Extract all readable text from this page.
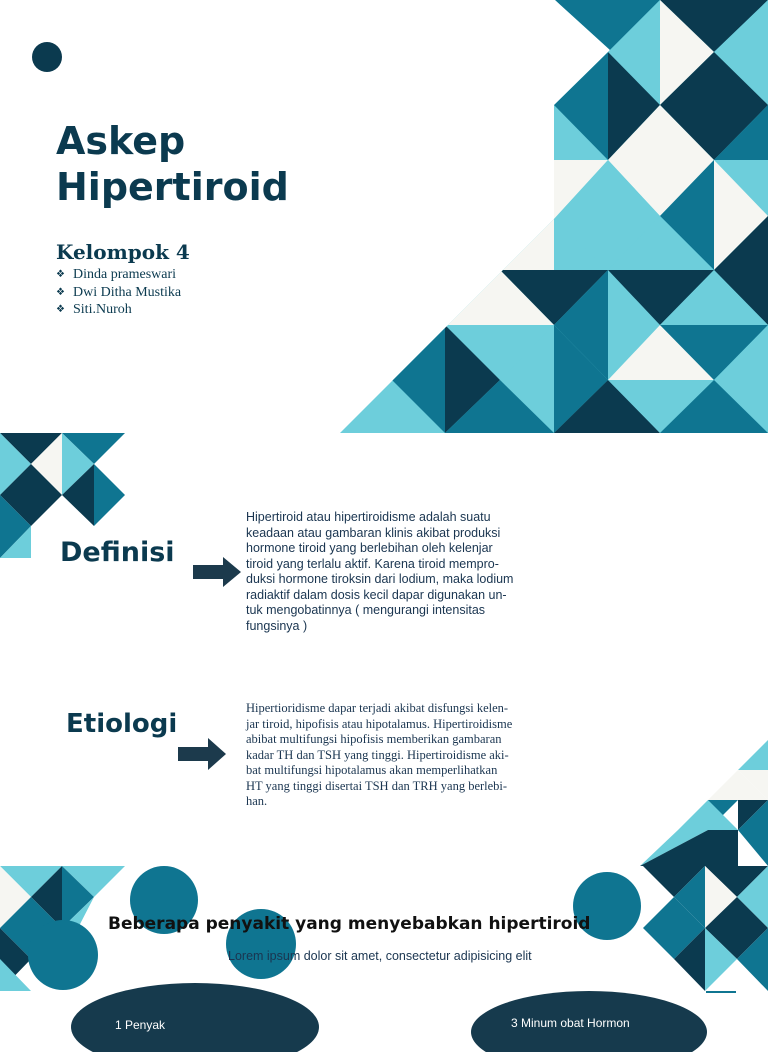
Askep
Hipertiroid
Kelompok 4
❖ Dinda prameswari
❖ Dwi Ditha Mustika
❖ Siti.Nuroh
Definisi

Hipertiroid atau hipertiroidisme adalah suatu

keadaan atau gambaran klinis akibat produksi

hormone tiroid yang berlebihan oleh kelenjar

tiroid yang terlalu aktif. Karena tiroid mempro-

duksi hormone tiroksin dari lodium, maka lodium

radiaktif dalam dosis kecil dapar digunakan un-

tuk mengobatinnya ( mengurangi intensitas

fungsinya )

Etiologi

Hipertioridisme dapar terjadi akibat disfungsi kelen-

jar tiroid, hipofisis atau hipotalamus. Hipertiroidisme

abibat multifungsi hipofisis memberikan gambaran

kadar TH dan TSH yang tinggi. Hipertiroidisme aki-

bat multifungsi hipotalamus akan memperlihatkan

HT yang tinggi disertai TSH dan TRH yang berlebi-

han.

Beberapa penyakit yang menyebabkan hipertiroid
Lorem ipsum dolor sit amet, consectetur adipisicing elit
1 Penyak	3 Minum obat Hormon
